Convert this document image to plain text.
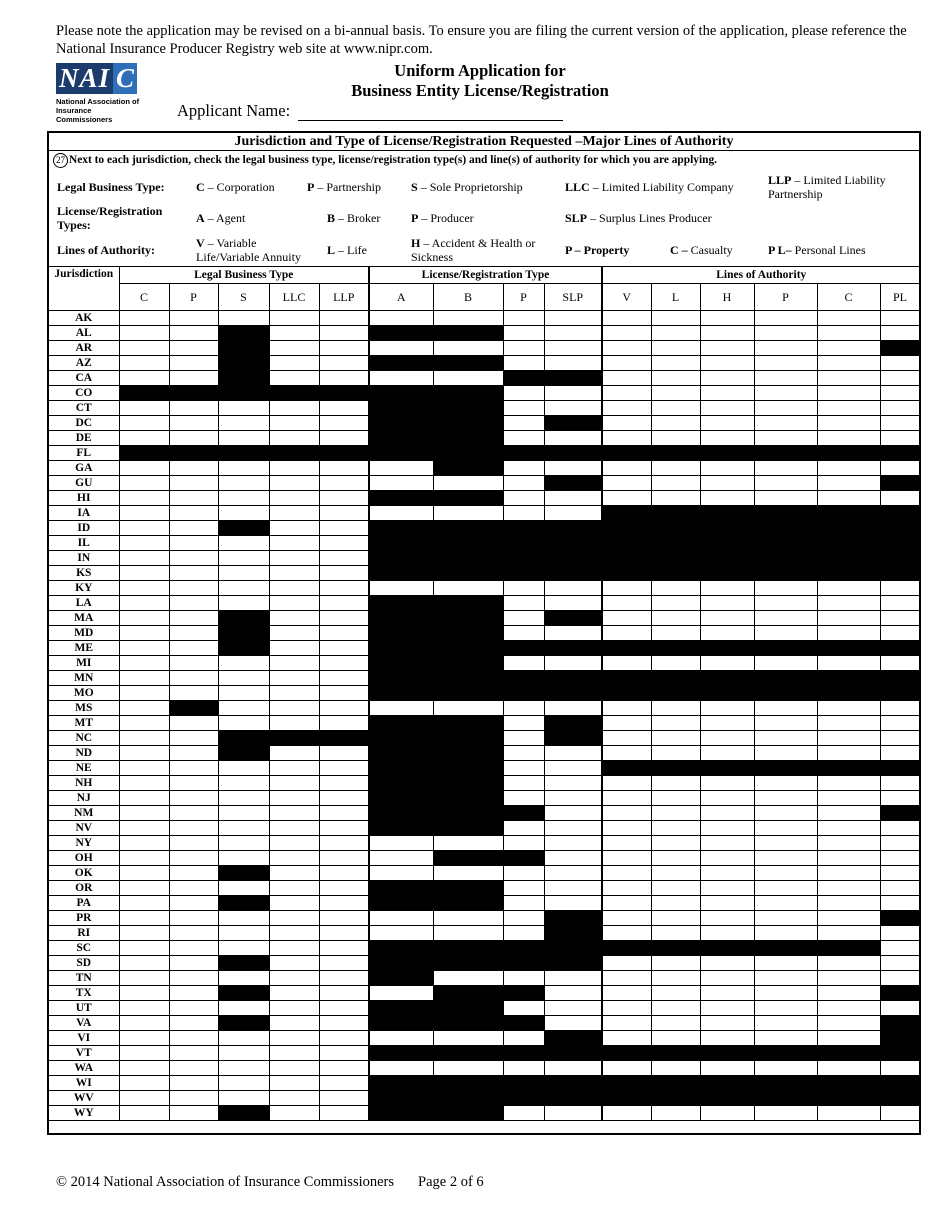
Please note the application may be revised on a bi-annual basis. To ensure you are filing the current version of the application, please reference the National Insurance Producer Registry web site at www.nipr.com.
NAI C
National Association of Insurance Commissioners
Uniform Application for
Business Entity License/Registration
Applicant Name:
Jurisdiction and Type of License/Registration Requested –Major Lines of Authority
27 Next to each jurisdiction, check the legal business type, license/registration type(s) and line(s) of authority for which you are applying.
Legal Business Type:	C – Corporation	P – Partnership	S – Sole Proprietorship	LLC – Limited Liability Company	LLP – Limited Liability Partnership
License/Registration Types:	A – Agent	B – Broker	P – Producer	SLP – Surplus Lines Producer
Lines of Authority:	V – Variable Life/Variable Annuity	L – Life	H – Accident & Health or Sickness	P – Property	C – Casualty	P L– Personal Lines
Jurisdiction	Legal Business Type					License/Registration Type				Lines of Authority					
	C	P	S	LLC	LLP	A	B	P	SLP	V	L	H	P	C	PL
AK															
AL															
AR															
AZ															
CA															
CO															
CT															
DC															
DE															
FL															
GA															
GU															
HI															
IA															
ID															
IL															
IN															
KS															
KY															
LA															
MA															
MD															
ME															
MI															
MN															
MO															
MS															
MT															
NC															
ND															
NE															
NH															
NJ															
NM															
NV															
NY															
OH															
OK															
OR															
PA															
PR															
RI															
SC															
SD															
TN															
TX															
UT															
VA															
VI															
VT															
WA															
WI															
WV															
WY															
© 2014 National Association of Insurance Commissioners Page 2 of 6
